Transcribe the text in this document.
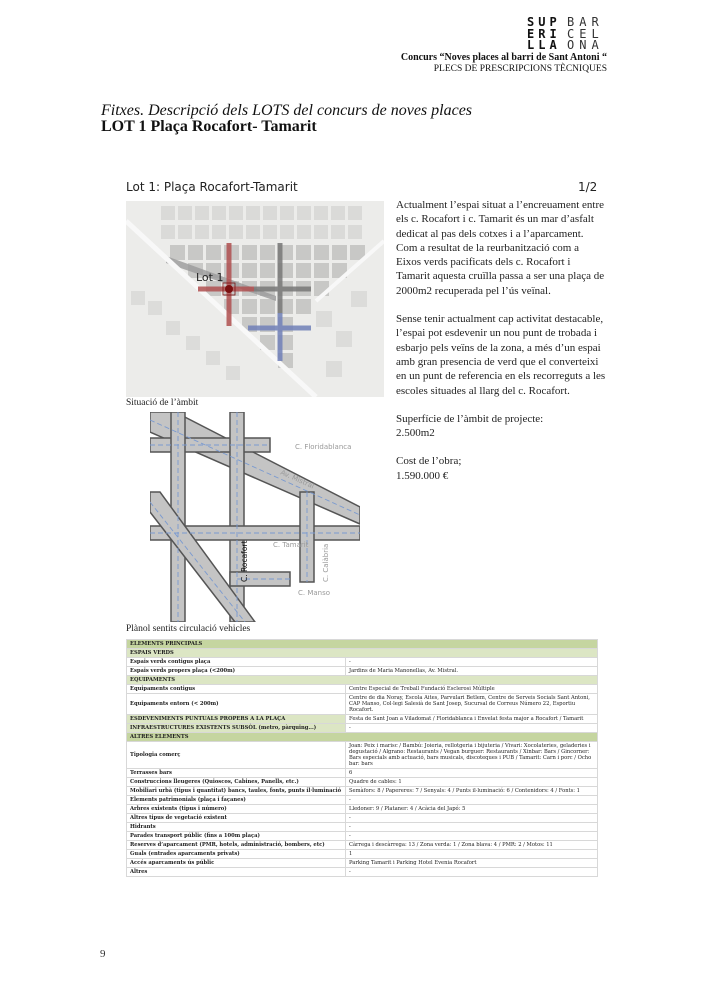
SUP BAR
ERI CEL
LLA ONA
Concurs “Noves places al barri de Sant Antoni “
PLECS DE PRESCRIPCIONS TÈCNIQUES
Fitxes. Descripció dels LOTS del concurs de noves places
LOT 1 Plaça Rocafort- Tamarit
Lot 1: Plaça Rocafort-Tamarit	1/2

Actualment l’espai situat a l’encreuament entre els c. Rocafort i c. Tamarit és un mar d’asfalt dedicat al pas dels cotxes i a l’aparcament. Com a resultat de la reurbanització com a Eixos verds pacificats dels c. Rocafort i Tamarit aquesta cruïlla passa a ser una plaça de 2000m2 recuperada pel l’ús veïnal.

Sense tenir actualment cap activitat destacable, l’espai pot esdevenir un nou punt de trobada i esbarjo pels veïns de la zona, a més d’un espai amb gran presencia de verd que el converteixi en un punt de referencia en els recorreguts a les escoles situades al llarg del c. Rocafort.

Superfície de l’àmbit de projecte:
2.500m2

Cost de l’obra;
1.590.000 €

Lot 1
Situació de l’àmbit
C. Floridablanca
Av. Mistral
C. Tamarit C. Calàbria
C. Rocafort
C. Manso
Plànol sentits circulació vehicles
ELEMENTS PRINCIPALS	
ESPAIS VERDS	
Espais verds contigus plaça	-
Espais verds propers plaça (<200m)	Jardins de Maria Manonellas, Av. Mistral.
EQUIPAMENTS	
Equipaments contigus	Centre Especial de Treball Fundació Esclerosi Múltiple
Equipaments entorn (< 200m)	Centre de dia Noray, Escola Aites, Parvulari Betlem, Centre de Serveis Socials Sant Antoni, CAP Manso, Col·legi Salesià de Sant Josep, Sucursal de Correus Número 22, Esportiu Rocafort.
ESDEVENIMENTS PUNTUALS PROPERS A LA PLAÇA	Festa de Sant Joan a Viladomat / Floridablanca i Envelat festa major a Rocafort / Tamarit
INFRAESTRUCTURES EXISTENTS SUBSÒL (metro, pàrquing...)	-
ALTRES ELEMENTS	
Tipologia comerç	Joan: Peix i marisc / Bambú: Joieria, rellotgeria i bijuteria / Vivari: Xocolateries, geladeries i degustació / Algrano: Restaurants / Vegan burguer: Restaurants / Xinbar: Bars / Gincorner: Bars especials amb actuació, bars musicals, discoteques i PUB / Tamarit: Carn i porc / Ocho bar: bars
Terrasses bars	6
Construccions lleugeres (Quioscos, Cabines, Panells, etc.)	Quadre de cables: 1
Mobiliari urbà (tipus i quantitat) bancs, taules, fonts, punts il·luminació	Semàfors: 8 / Papereres: 7 / Senyals: 4 / Punts il·luminació: 6 / Contenidors: 4 / Fonts: 1
Elements patrimonials (plaça i façanes)	-
Arbres existents (tipus i número)	Lledoner: 9 / Plataner: 4 / Acàcia del Japó: 5
Altres tipus de vegetació existent	-
Hidrants	-
Parades transport públic (fins a 100m plaça)	-
Reserves d’aparcament (PMR, hotels, administració, bombers, etc)	Càrrega i descàrrega: 13 / Zona verda: 1 / Zona blava: 4 / PMR: 2 / Motos: 11
Guals (entrades aparcaments privats)	1
Accés aparcaments ús públic	Parking Tamarit i Parking Hotel Evenia Rocafort
Altres	-
9
